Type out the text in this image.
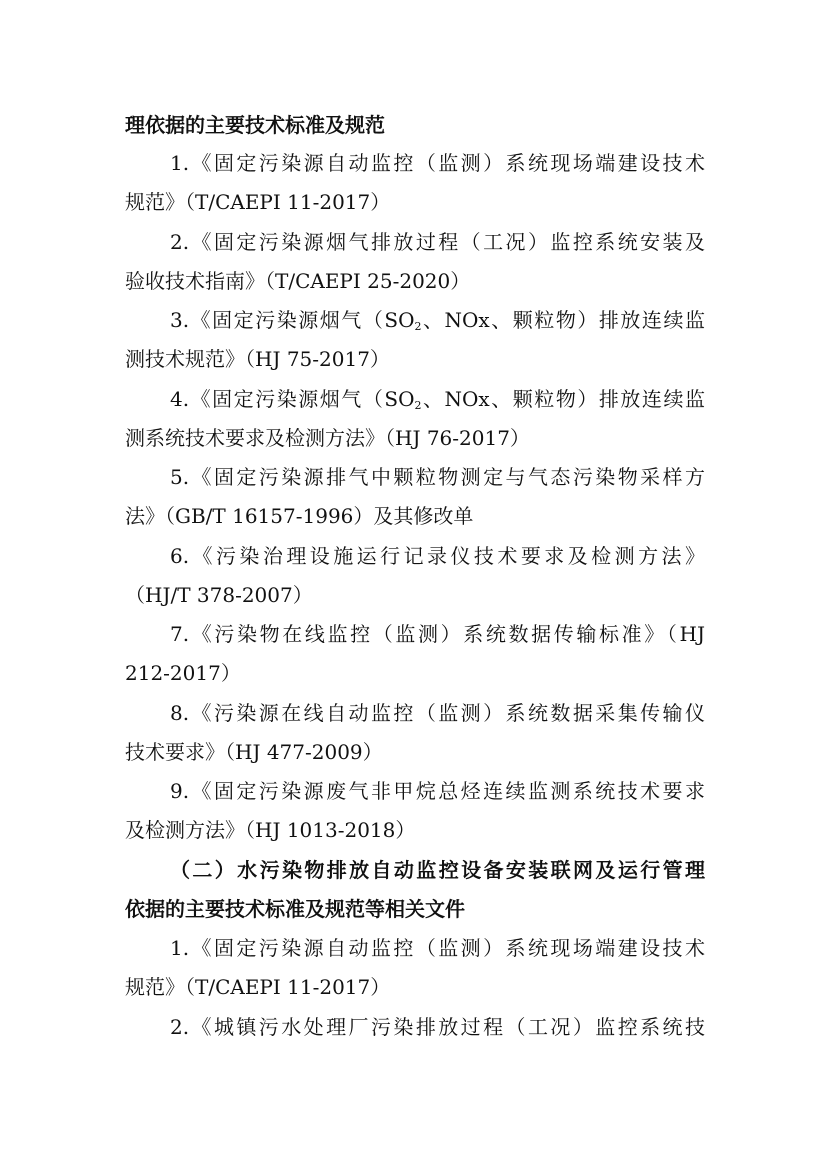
理依据的主要技术标准及规范
1.《固定污染源自动监控（监测）系统现场端建设技术
规范》（T/CAEPI 11-2017）
2.《固定污染源烟气排放过程（工况）监控系统安装及
验收技术指南》（T/CAEPI 25-2020）
3.《固定污染源烟气（$SO_2$、NOx、颗粒物）排放连续监
测技术规范》（HJ 75-2017）
4.《固定污染源烟气（$SO_2$、NOx、颗粒物）排放连续监
测系统技术要求及检测方法》（HJ 76-2017）
5.《固定污染源排气中颗粒物测定与气态污染物采样方
法》（GB/T 16157-1996）及其修改单
6.《污染治理设施运行记录仪技术要求及检测方法》
（HJ/T 378-2007）
7.《污染物在线监控（监测）系统数据传输标准》（HJ
212-2017）
8.《污染源在线自动监控（监测）系统数据采集传输仪
技术要求》（HJ 477-2009）
9.《固定污染源废气非甲烷总烃连续监测系统技术要求
及检测方法》（HJ 1013-2018）
（二）水污染物排放自动监控设备安装联网及运行管理
依据的主要技术标准及规范等相关文件
1.《固定污染源自动监控（监测）系统现场端建设技术
规范》（T/CAEPI 11-2017）
2.《城镇污水处理厂污染排放过程（工况）监控系统技
